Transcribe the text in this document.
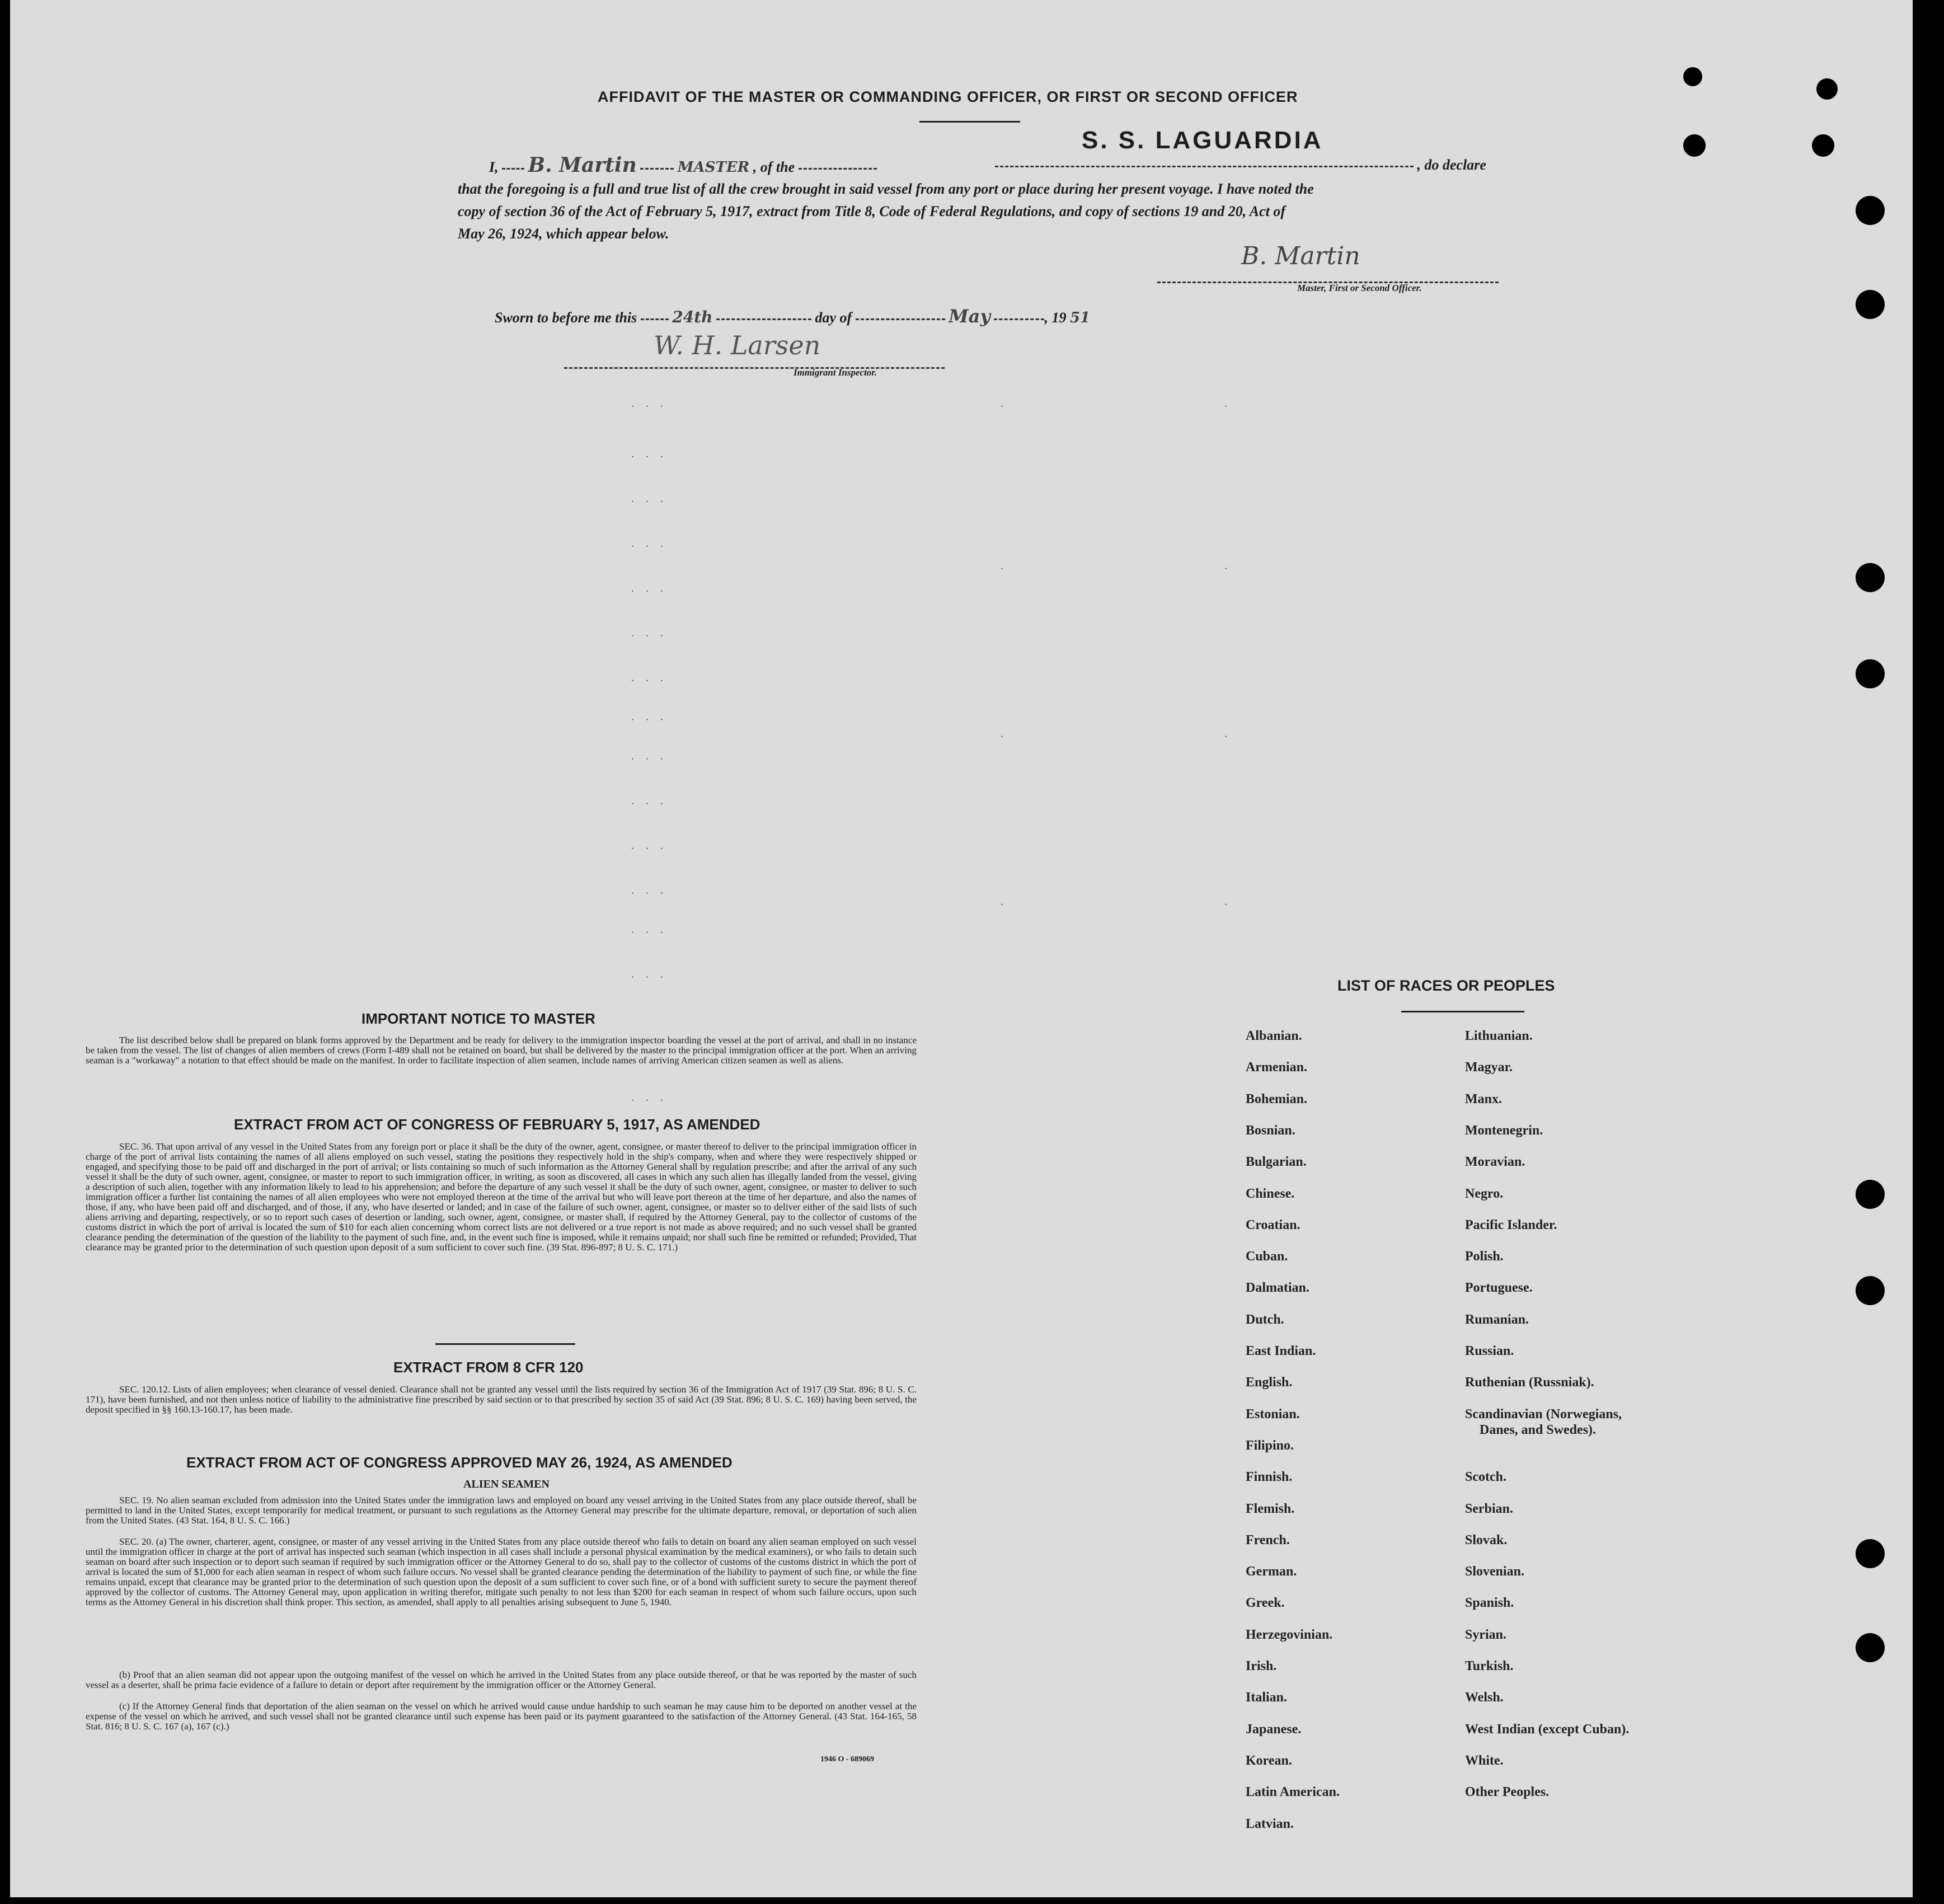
AFFIDAVIT OF THE MASTER OR COMMANDING OFFICER, OR FIRST OR SECOND OFFICER
I, B. Martin	MASTER , of the
S. S. LAGUARDIA
, do declare
that the foregoing is a full and true list of all the crew brought in said vessel from any port or place during her present voyage. I have noted the
copy of section 36 of the Act of February 5, 1917, extract from Title 8, Code of Federal Regulations, and copy of sections 19 and 20, Act of
May 26, 1924, which appear below.
B. Martin
Master, First or Second Officer.
Sworn to before me this 24th	day of	May	, 19 51
W. H. Larsen
Immigrant Inspector.
. . .
. . .
. . .
. . .
. . .
. . .
. . .
. . .
. . .
. . .
. . .
. . .
. . .
. . .
. . .
.
.
.
.
.
.
.
.
IMPORTANT NOTICE TO MASTER
The list described below shall be prepared on blank forms approved by the Department and be ready for delivery to the immigration inspector boarding the vessel at the port of arrival, and shall in no instance be taken from the vessel. The list of changes of alien members of crews (Form I-489 shall not be retained on board, but shall be delivered by the master to the principal immigration officer at the port. When an arriving seaman is a "workaway" a notation to that effect should be made on the manifest. In order to facilitate inspection of alien seamen, include names of arriving American citizen seamen as well as aliens.
EXTRACT FROM ACT OF CONGRESS OF FEBRUARY 5, 1917, AS AMENDED
SEC. 36. That upon arrival of any vessel in the United States from any foreign port or place it shall be the duty of the owner, agent, consignee, or master thereof to deliver to the principal immigration officer in charge of the port of arrival lists containing the names of all aliens employed on such vessel, stating the positions they respectively hold in the ship's company, when and where they were respectively shipped or engaged, and specifying those to be paid off and discharged in the port of arrival; or lists containing so much of such information as the Attorney General shall by regulation prescribe; and after the arrival of any such vessel it shall be the duty of such owner, agent, consignee, or master to report to such immigration officer, in writing, as soon as discovered, all cases in which any such alien has illegally landed from the vessel, giving a description of such alien, together with any information likely to lead to his apprehension; and before the departure of any such vessel it shall be the duty of such owner, agent, consignee, or master to deliver to such immigration officer a further list containing the names of all alien employees who were not employed thereon at the time of the arrival but who will leave port thereon at the time of her departure, and also the names of those, if any, who have been paid off and discharged, and of those, if any, who have deserted or landed; and in case of the failure of such owner, agent, consignee, or master so to deliver either of the said lists of such aliens arriving and departing, respectively, or so to report such cases of desertion or landing, such owner, agent, consignee, or master shall, if required by the Attorney General, pay to the collector of customs of the customs district in which the port of arrival is located the sum of $10 for each alien concerning whom correct lists are not delivered or a true report is not made as above required; and no such vessel shall be granted clearance pending the determination of the question of the liability to the payment of such fine, and, in the event such fine is imposed, while it remains unpaid; nor shall such fine be remitted or refunded; Provided, That clearance may be granted prior to the determination of such question upon deposit of a sum sufficient to cover such fine. (39 Stat. 896-897; 8 U. S. C. 171.)
EXTRACT FROM 8 CFR 120
SEC. 120.12. Lists of alien employees; when clearance of vessel denied. Clearance shall not be granted any vessel until the lists required by section 36 of the Immigration Act of 1917 (39 Stat. 896; 8 U. S. C. 171), have been furnished, and not then unless notice of liability to the administrative fine prescribed by said section or to that prescribed by section 35 of said Act (39 Stat. 896; 8 U. S. C. 169) having been served, the deposit specified in §§ 160.13-160.17, has been made.
EXTRACT FROM ACT OF CONGRESS APPROVED MAY 26, 1924, AS AMENDED
ALIEN SEAMEN
SEC. 19. No alien seaman excluded from admission into the United States under the immigration laws and employed on board any vessel arriving in the United States from any place outside thereof, shall be permitted to land in the United States, except temporarily for medical treatment, or pursuant to such regulations as the Attorney General may prescribe for the ultimate departure, removal, or deportation of such alien from the United States. (43 Stat. 164, 8 U. S. C. 166.)
SEC. 20. (a) The owner, charterer, agent, consignee, or master of any vessel arriving in the United States from any place outside thereof who fails to detain on board any alien seaman employed on such vessel until the immigration officer in charge at the port of arrival has inspected such seaman (which inspection in all cases shall include a personal physical examination by the medical examiners), or who fails to detain such seaman on board after such inspection or to deport such seaman if required by such immigration officer or the Attorney General to do so, shall pay to the collector of customs of the customs district in which the port of arrival is located the sum of $1,000 for each alien seaman in respect of whom such failure occurs. No vessel shall be granted clearance pending the determination of the liability to payment of such fine, or while the fine remains unpaid, except that clearance may be granted prior to the determination of such question upon the deposit of a sum sufficient to cover such fine, or of a bond with sufficient surety to secure the payment thereof approved by the collector of customs. The Attorney General may, upon application in writing therefor, mitigate such penalty to not less than $200 for each seaman in respect of whom such failure occurs, upon such terms as the Attorney General in his discretion shall think proper. This section, as amended, shall apply to all penalties arising subsequent to June 5, 1940.
(b) Proof that an alien seaman did not appear upon the outgoing manifest of the vessel on which he arrived in the United States from any place outside thereof, or that he was reported by the master of such vessel as a deserter, shall be prima facie evidence of a failure to detain or deport after requirement by the immigration officer or the Attorney General.
(c) If the Attorney General finds that deportation of the alien seaman on the vessel on which he arrived would cause undue hardship to such seaman he may cause him to be deported on another vessel at the expense of the vessel on which he arrived, and such vessel shall not be granted clearance until such expense has been paid or its payment guaranteed to the satisfaction of the Attorney General. (43 Stat. 164-165, 58 Stat. 816; 8 U. S. C. 167 (a), 167 (c).)
1946 O - 689069
LIST OF RACES OR PEOPLES
Danes, and Swedes).
Albanian.
Armenian.
Bohemian.
Bosnian.
Bulgarian.
Chinese.
Croatian.
Cuban.
Dalmatian.
Dutch.
East Indian.
English.
Estonian.
Filipino.
Finnish.
Flemish.
French.
German.
Greek.
Herzegovinian.
Irish.
Italian.
Japanese.
Korean.
Latin American.
Latvian.
Lithuanian.
Magyar.
Manx.
Montenegrin.
Moravian.
Negro.
Pacific Islander.
Polish.
Portuguese.
Rumanian.
Russian.
Ruthenian (Russniak).
Scandinavian (Norwegians,
Scotch.
Serbian.
Slovak.
Slovenian.
Spanish.
Syrian.
Turkish.
Welsh.
West Indian (except Cuban).
White.
Other Peoples.
